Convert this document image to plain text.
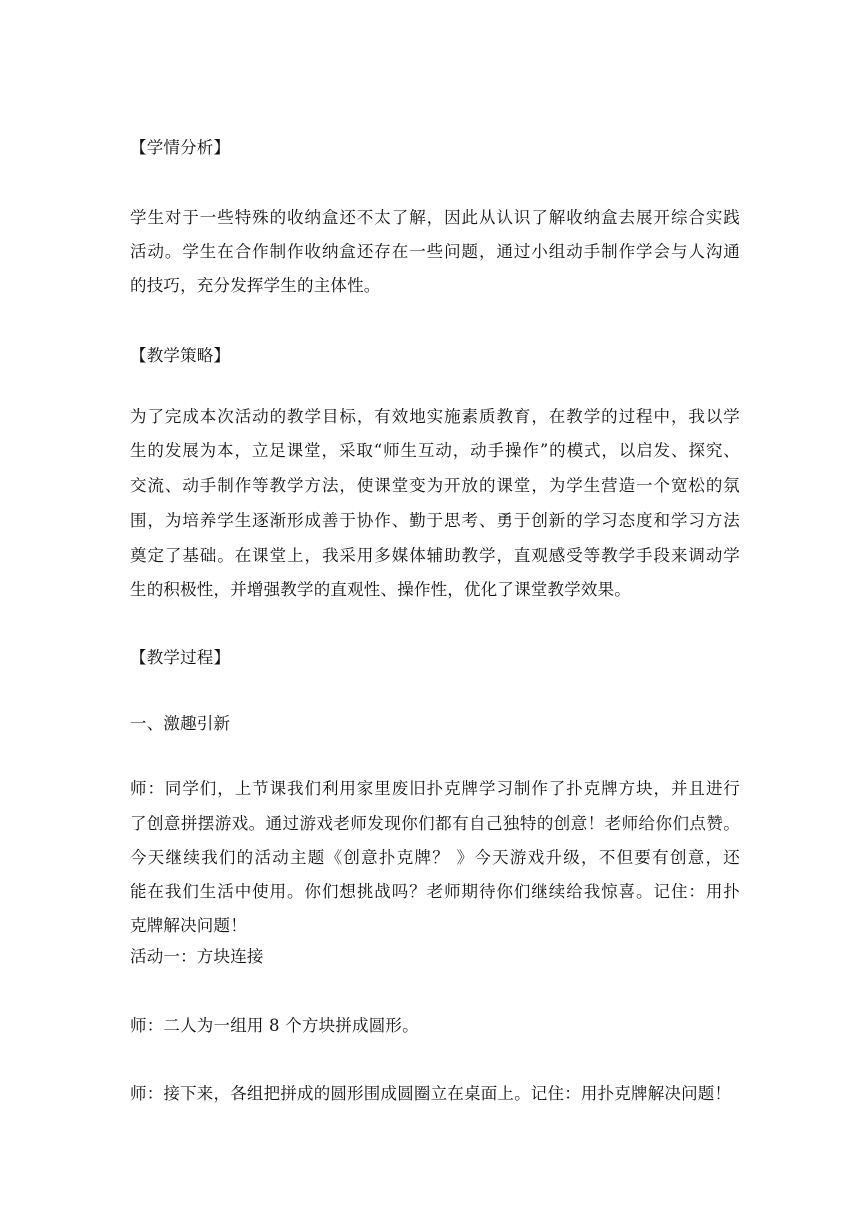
【学情分析】
学生对于一些特殊的收纳盒还不太了解，因此从认识了解收纳盒去展开综合实践
活动。学生在合作制作收纳盒还存在一些问题，通过小组动手制作学会与人沟通
的技巧，充分发挥学生的主体性。
【教学策略】
为了完成本次活动的教学目标，有效地实施素质教育，在教学的过程中，我以学
生的发展为本，立足课堂，采取“师生互动，动手操作”的模式，以启发、探究、
交流、动手制作等教学方法，使课堂变为开放的课堂，为学生营造一个宽松的氛
围，为培养学生逐渐形成善于协作、勤于思考、勇于创新的学习态度和学习方法
奠定了基础。在课堂上，我采用多媒体辅助教学，直观感受等教学手段来调动学
生的积极性，并增强教学的直观性、操作性，优化了课堂教学效果。
【教学过程】
一、激趣引新
师：同学们，上节课我们利用家里废旧扑克牌学习制作了扑克牌方块，并且进行
了创意拼摆游戏。通过游戏老师发现你们都有自己独特的创意！老师给你们点赞。
今天继续我们的活动主题《创意扑克牌？ 》今天游戏升级，不但要有创意，还
能在我们生活中使用。你们想挑战吗？老师期待你们继续给我惊喜。记住：用扑
克牌解决问题！
活动一：方块连接
师：二人为一组用 8 个方块拼成圆形。
师：接下来，各组把拼成的圆形围成圆圈立在桌面上。记住：用扑克牌解决问题！
